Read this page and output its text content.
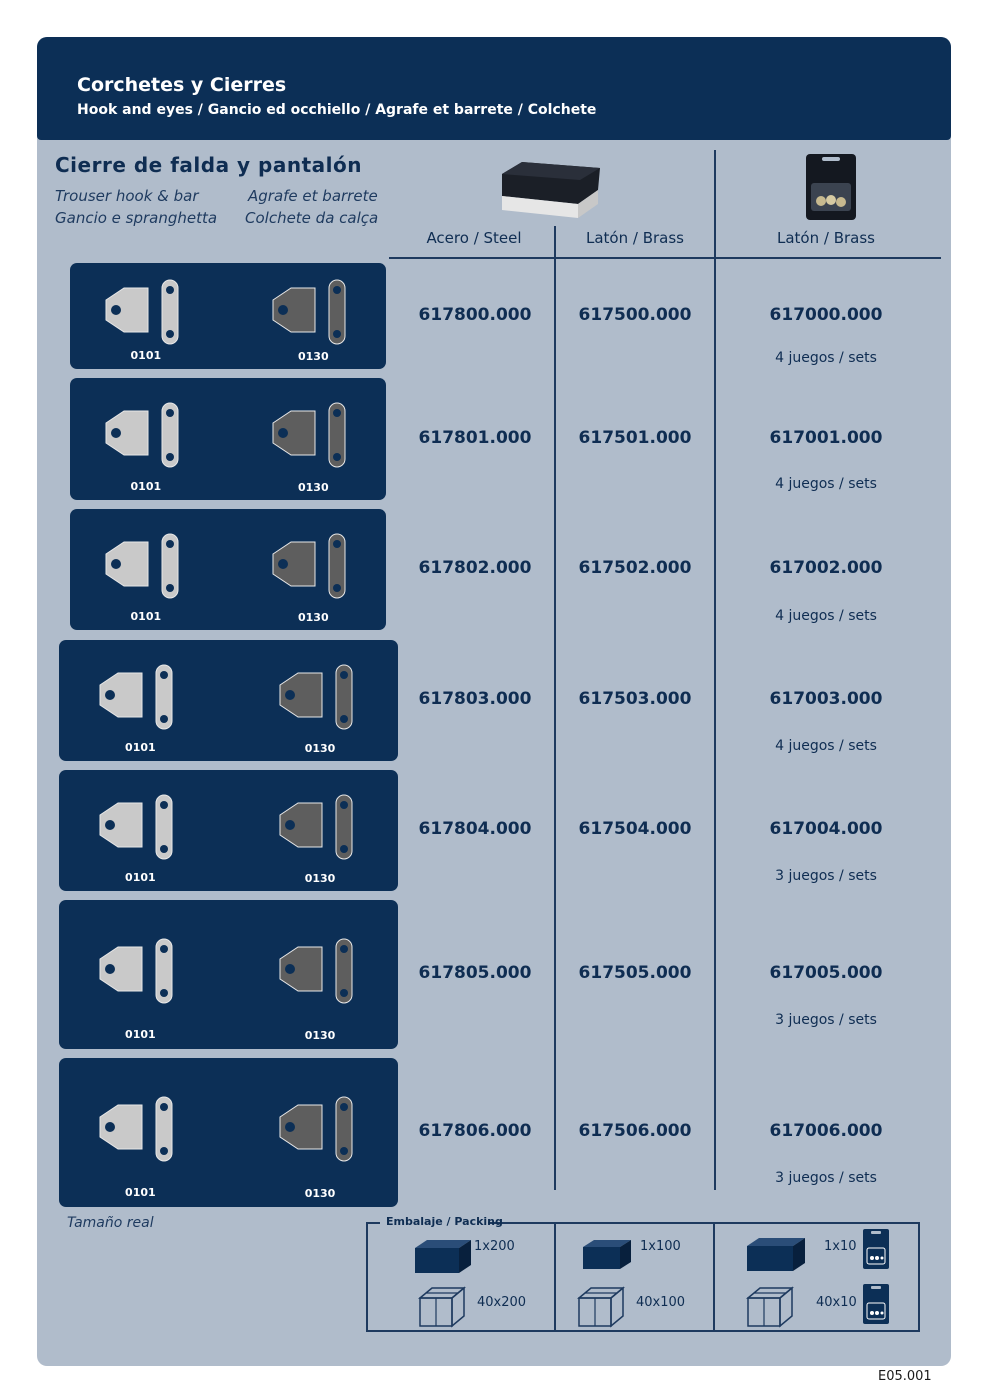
Corchetes y Cierres
Hook and eyes / Gancio ed occhiello / Agrafe et barrete / Colchete
Cierre de falda y pantalón
Trouser hook & bar	Agrafe et barrete
Gancio e spranghetta Colchete da calça
Acero / Steel	Latón / Brass	Latón / Brass
0101	0130
617800.000	617500.000	617000.000
4 juegos / sets
0101	0130
617801.000	617501.000	617001.000
4 juegos / sets
0101	0130
617802.000	617502.000	617002.000
4 juegos / sets
0101	0130
617803.000	617503.000	617003.000
4 juegos / sets
0101	0130
617804.000	617504.000	617004.000
3 juegos / sets
0101	0130
617805.000	617505.000	617005.000
3 juegos / sets
0101	0130
617806.000	617506.000	617006.000
3 juegos / sets
Tamaño real	Embalaje / Packing
1x200
40x200
1x100
40x100
1x10
40x10
E05.001
